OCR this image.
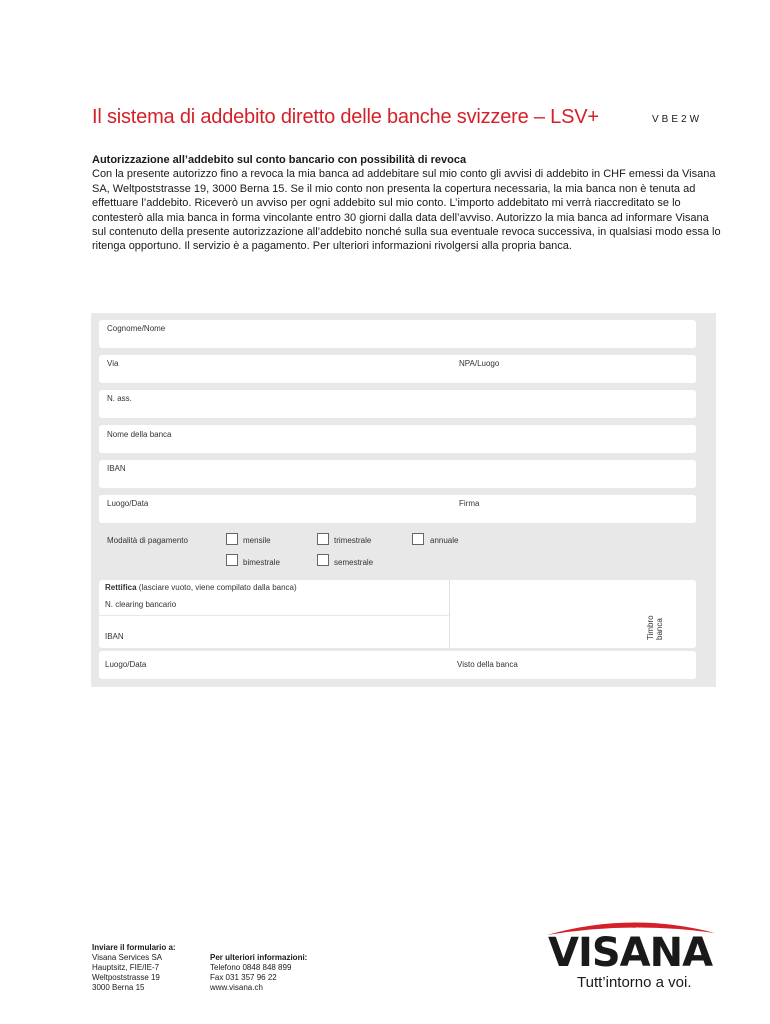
Il sistema di addebito diretto delle banche svizzere – LSV+	VBE2W
Autorizzazione all’addebito sul conto bancario con possibilità di revoca
Con la presente autorizzo fino a revoca la mia banca ad addebitare sul mio conto gli avvisi di addebito in CHF emessi da Visana SA, Weltpoststrasse 19, 3000 Berna 15. Se il mio conto non presenta la copertura necessaria, la mia banca non è tenuta ad effettuare l’addebito. Riceverò un avviso per ogni addebito sul mio conto. L’importo addebitato mi verrà riaccreditato se lo contesterò alla mia banca in forma vincolante entro 30 giorni dalla data dell’avviso. Autorizzo la mia banca ad informare Visana sul contenuto della presente autorizzazione all’addebito nonché sulla sua eventuale revoca successiva, in qualsiasi modo essa lo ritenga opportuno. Il servizio è a pagamento. Per ulteriori informazioni rivolgersi alla propria banca.
Cognome/Nome
Via	NPA/Luogo
N. ass.
Nome della banca
IBAN
Luogo/Data	Firma
Modalità di pagamento	mensile	trimestrale	annuale
bimestrale	semestrale
Rettifica (lasciare vuoto, viene compilato dalla banca)
N. clearing bancario
IBAN	Timbro banca
Luogo/Data	Visto della banca
Inviare il formulario a:
Visana Services SA
Hauptsitz, FIE/IE-7
Weltpoststrasse 19
3000 Berna 15
Per ulteriori informazioni:
Telefono 0848 848 899
Fax 031 357 96 22
www.visana.ch
VISANA
Tutt’intorno a voi.
